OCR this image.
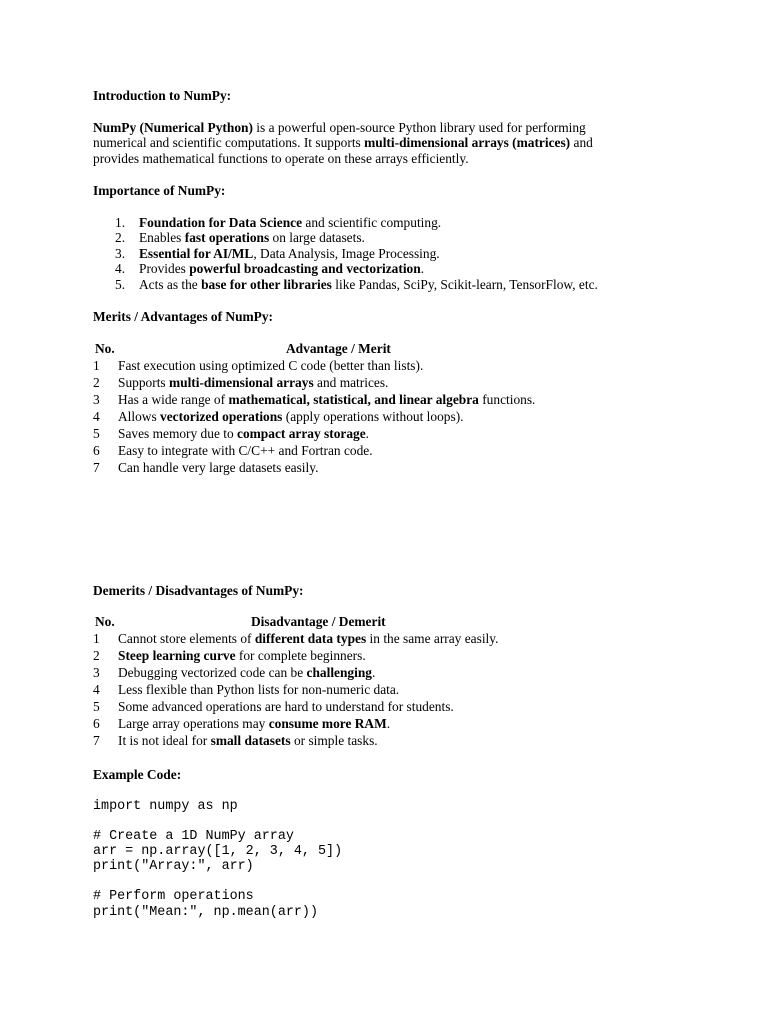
Introduction to NumPy:

NumPy (Numerical Python) is a powerful open-source Python library used for performing
numerical and scientific computations. It supports multi-dimensional arrays (matrices) and
provides mathematical functions to operate on these arrays efficiently.

Importance of NumPy:

1.	Foundation for Data Science and scientific computing.
2.	Enables fast operations on large datasets.
3.	Essential for AI/ML, Data Analysis, Image Processing.
4.	Provides powerful broadcasting and vectorization.
5.	Acts as the base for other libraries like Pandas, SciPy, Scikit-learn, TensorFlow, etc.

Merits / Advantages of NumPy:

No.	Advantage / Merit
1 Fast execution using optimized C code (better than lists).
2 Supports multi-dimensional arrays and matrices.
3 Has a wide range of mathematical, statistical, and linear algebra functions.
4 Allows vectorized operations (apply operations without loops).
5 Saves memory due to compact array storage.
6 Easy to integrate with C/C++ and Fortran code.
7 Can handle very large datasets easily.

Demerits / Disadvantages of NumPy:

No.	Disadvantage / Demerit
1 Cannot store elements of different data types in the same array easily.
2 Steep learning curve for complete beginners.
3 Debugging vectorized code can be challenging.
4 Less flexible than Python lists for non-numeric data.
5 Some advanced operations are hard to understand for students.
6 Large array operations may consume more RAM.
7 It is not ideal for small datasets or simple tasks.

Example Code:

import numpy as np
# Create a 1D NumPy array
arr = np.array([1, 2, 3, 4, 5])
print("Array:", arr)
# Perform operations
print("Mean:", np.mean(arr))
